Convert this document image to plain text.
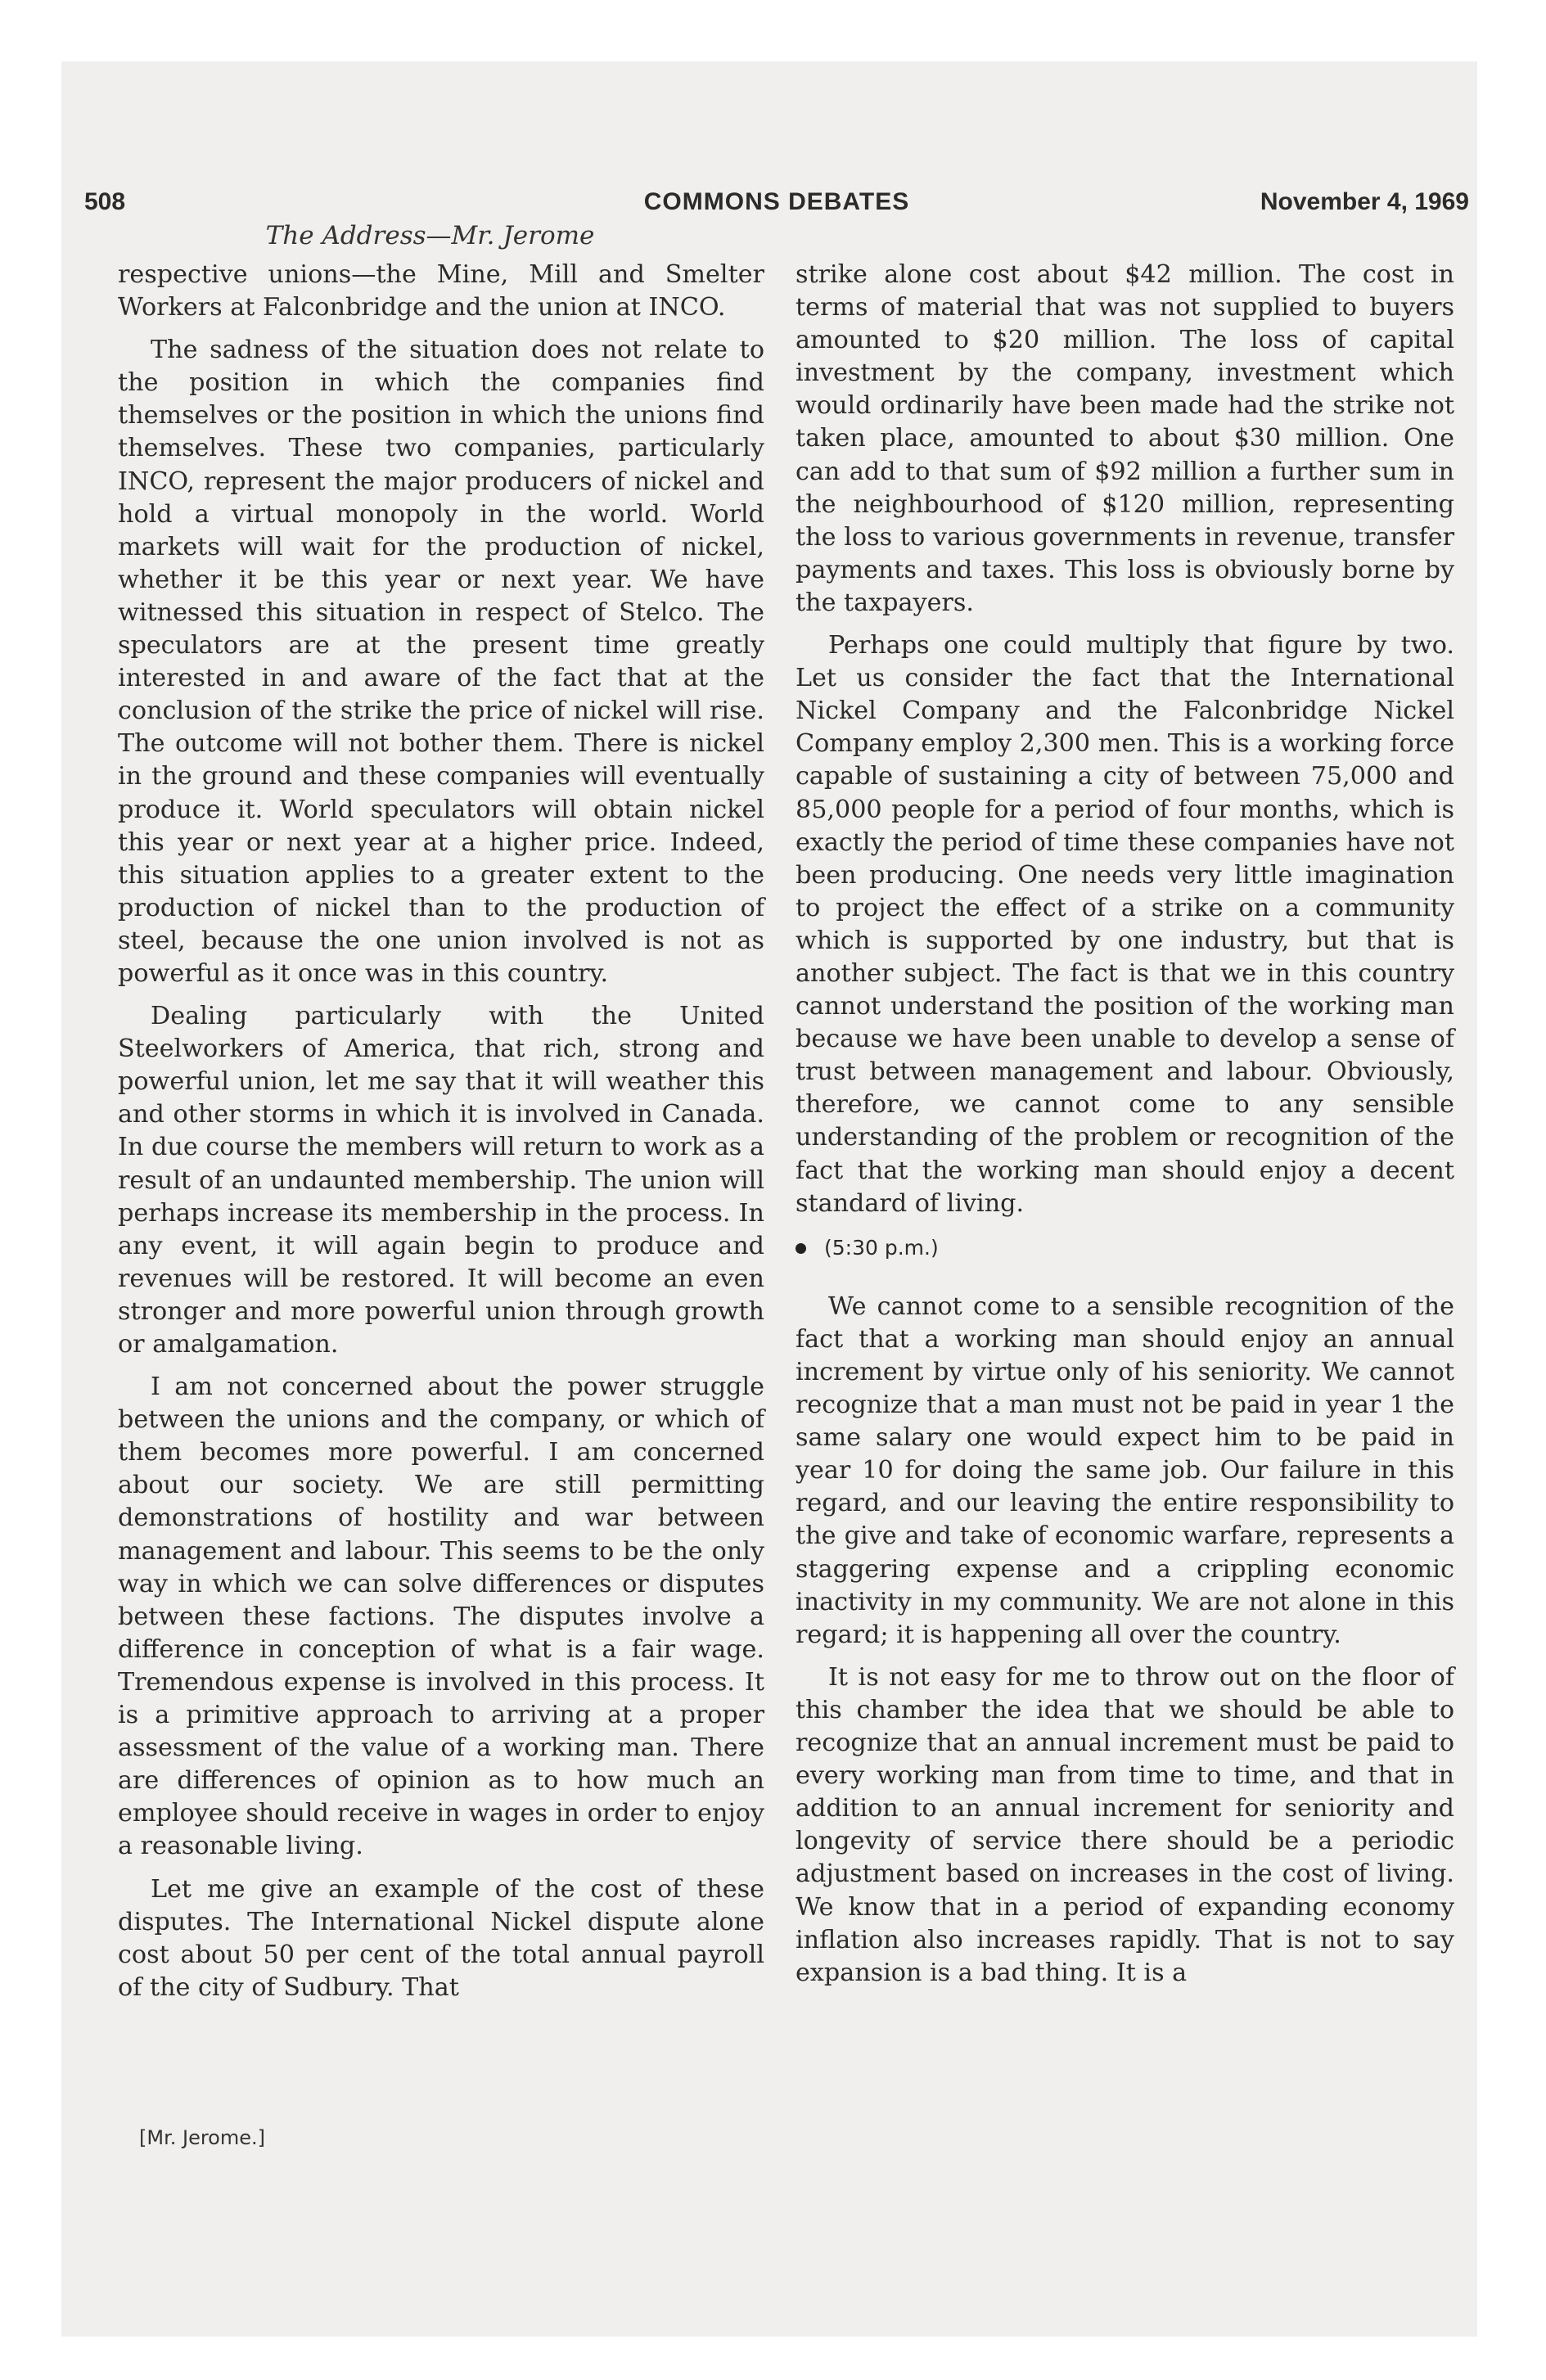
508	COMMONS DEBATES	November 4, 1969
The Address—Mr. Jerome

respective unions—the Mine, Mill and Smelter Workers at Falconbridge and the union at INCO.

The sadness of the situation does not relate to the position in which the companies find themselves or the position in which the unions find themselves. These two companies, particularly INCO, represent the major producers of nickel and hold a virtual monopoly in the world. World markets will wait for the production of nickel, whether it be this year or next year. We have witnessed this situation in respect of Stelco. The speculators are at the present time greatly interested in and aware of the fact that at the conclusion of the strike the price of nickel will rise. The outcome will not bother them. There is nickel in the ground and these companies will eventually produce it. World speculators will obtain nickel this year or next year at a higher price. Indeed, this situation applies to a greater extent to the production of nickel than to the production of steel, because the one union involved is not as powerful as it once was in this country.

Dealing particularly with the United Steelworkers of America, that rich, strong and powerful union, let me say that it will weather this and other storms in which it is involved in Canada. In due course the members will return to work as a result of an undaunted membership. The union will perhaps increase its membership in the process. In any event, it will again begin to produce and revenues will be restored. It will become an even stronger and more powerful union through growth or amalgamation.

I am not concerned about the power struggle between the unions and the company, or which of them becomes more powerful. I am concerned about our society. We are still permitting demonstrations of hostility and war between management and labour. This seems to be the only way in which we can solve differences or disputes between these factions. The disputes involve a difference in conception of what is a fair wage. Tremendous expense is involved in this process. It is a primitive approach to arriving at a proper assessment of the value of a working man. There are differences of opinion as to how much an employee should receive in wages in order to enjoy a reasonable living.

Let me give an example of the cost of these disputes. The International Nickel dispute alone cost about 50 per cent of the total annual payroll of the city of Sudbury. That

strike alone cost about $42 million. The cost in terms of material that was not supplied to buyers amounted to $20 million. The loss of capital investment by the company, investment which would ordinarily have been made had the strike not taken place, amounted to about $30 million. One can add to that sum of $92 million a further sum in the neighbourhood of $120 million, representing the loss to various governments in revenue, transfer payments and taxes. This loss is obviously borne by the taxpayers.

Perhaps one could multiply that figure by two. Let us consider the fact that the International Nickel Company and the Falconbridge Nickel Company employ 2,300 men. This is a working force capable of sustaining a city of between 75,000 and 85,000 people for a period of four months, which is exactly the period of time these companies have not been producing. One needs very little imagination to project the effect of a strike on a community which is supported by one industry, but that is another subject. The fact is that we in this country cannot understand the position of the working man because we have been unable to develop a sense of trust between management and labour. Obviously, therefore, we cannot come to any sensible understanding of the problem or recognition of the fact that the working man should enjoy a decent standard of living.

(5:30 p.m.)

We cannot come to a sensible recognition of the fact that a working man should enjoy an annual increment by virtue only of his seniority. We cannot recognize that a man must not be paid in year 1 the same salary one would expect him to be paid in year 10 for doing the same job. Our failure in this regard, and our leaving the entire responsibility to the give and take of economic warfare, represents a staggering expense and a crippling economic inactivity in my community. We are not alone in this regard; it is happening all over the country.

It is not easy for me to throw out on the floor of this chamber the idea that we should be able to recognize that an annual increment must be paid to every working man from time to time, and that in addition to an annual increment for seniority and longevity of service there should be a periodic adjustment based on increases in the cost of living. We know that in a period of expanding economy inflation also increases rapidly. That is not to say expansion is a bad thing. It is a

[Mr. Jerome.]
